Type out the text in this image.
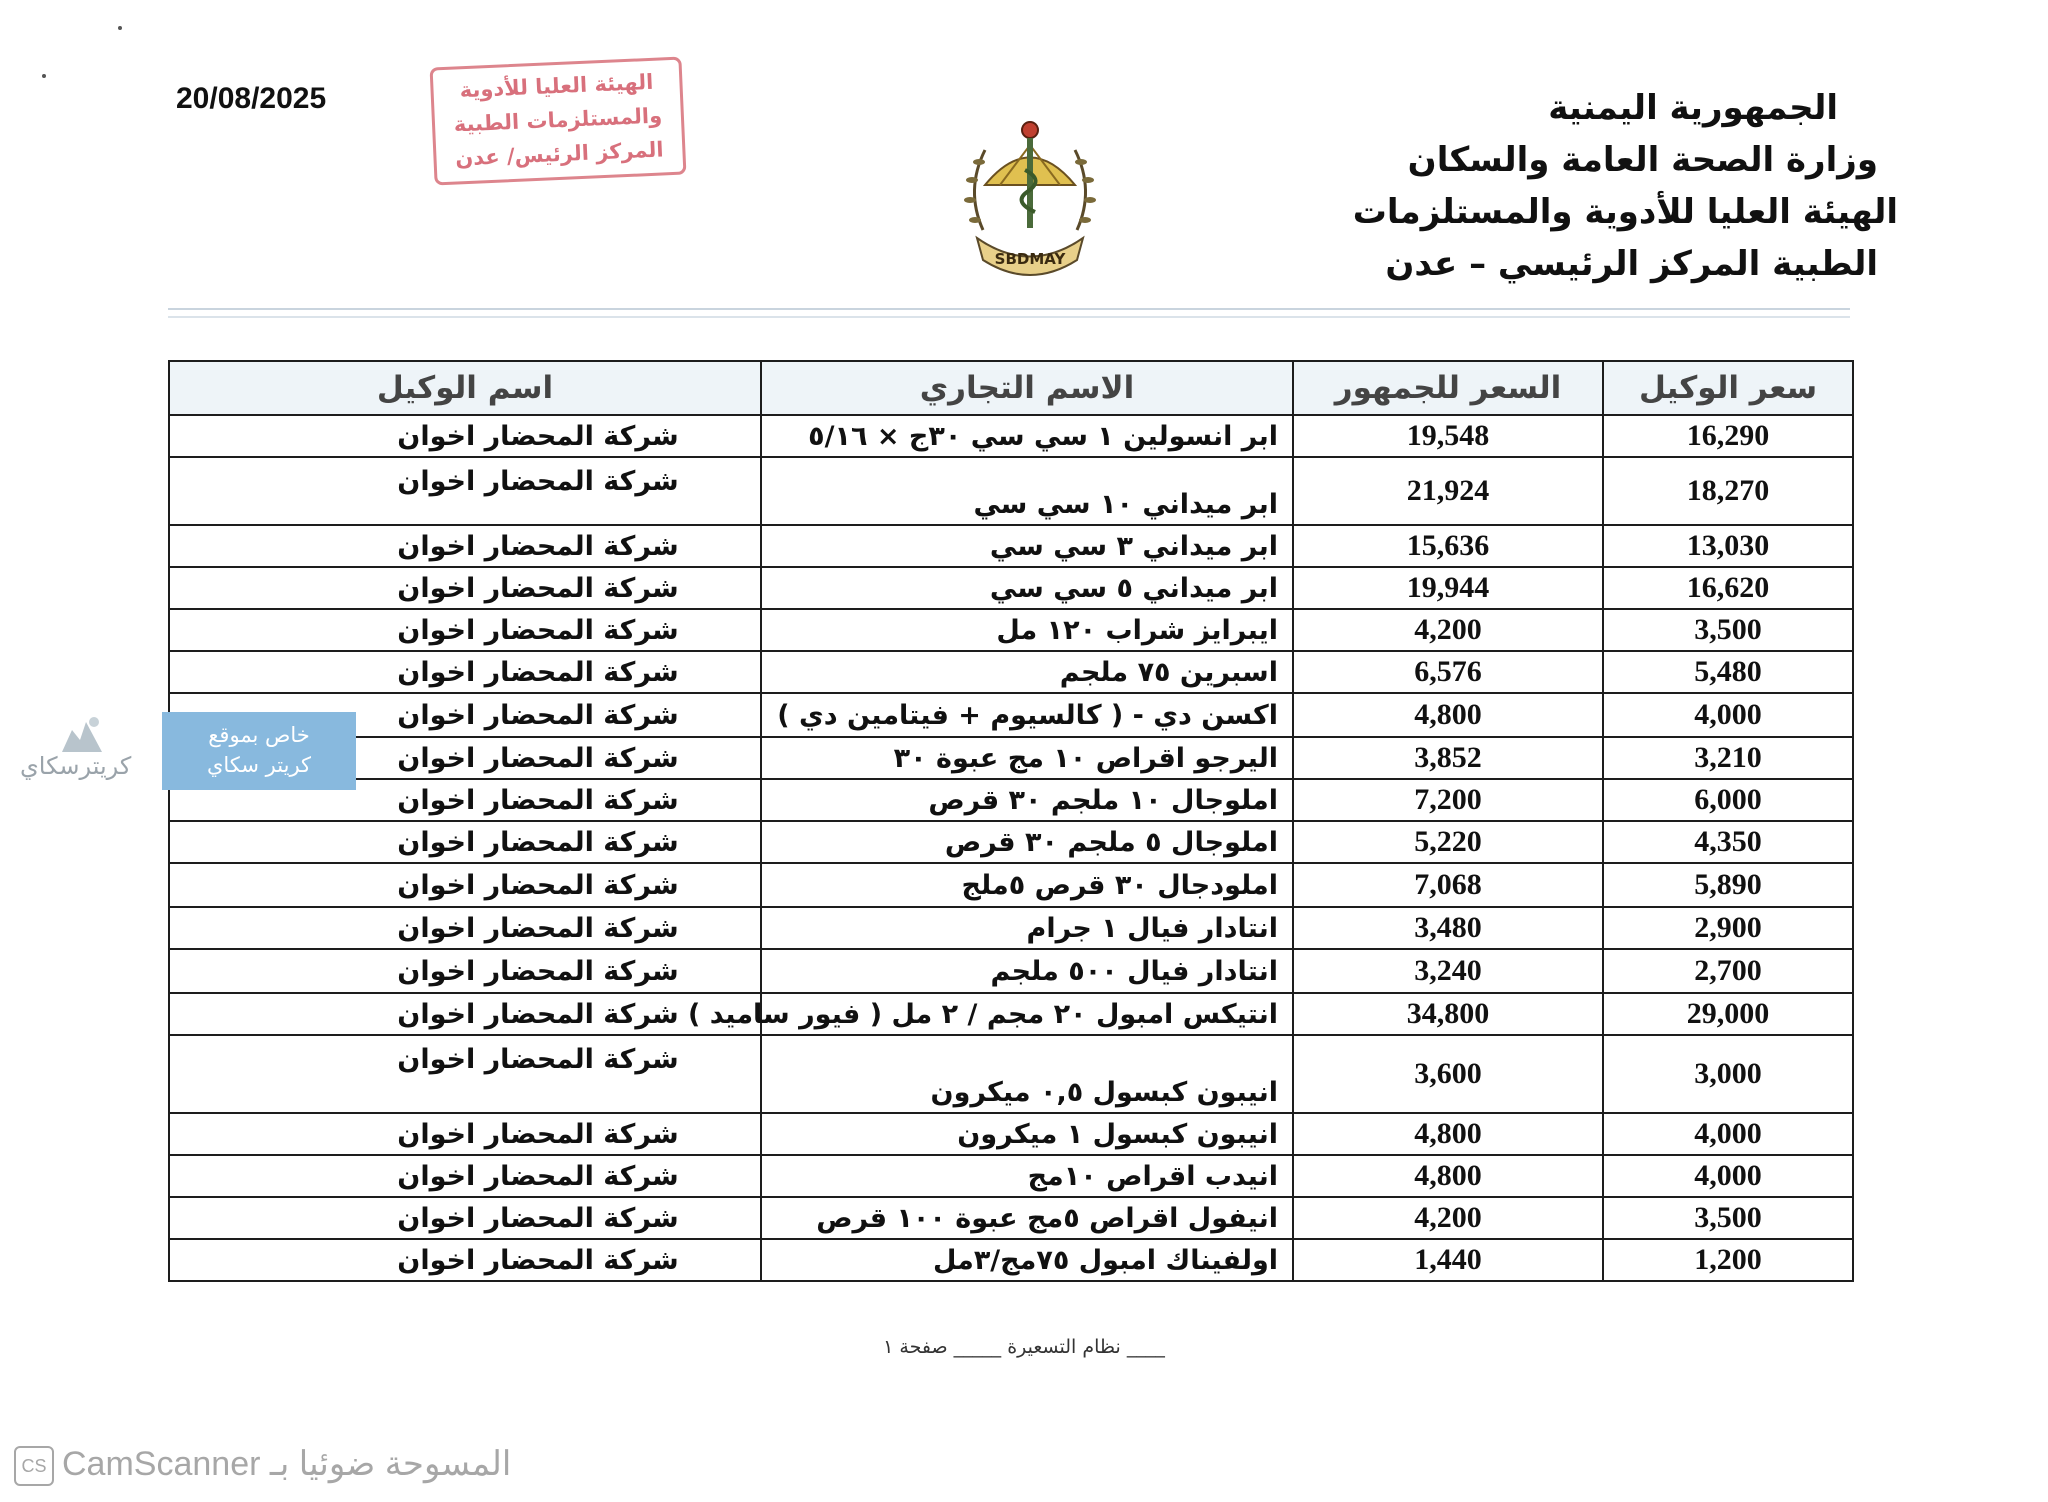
الجمهورية اليمنية
وزارة الصحة العامة والسكان
الهيئة العليا للأدوية والمستلزمات
الطبية المركز الرئيسي – عدن
20/08/2025	الهيئة العليا للأدوية
والمستلزمات الطبية
المركز الرئيس/ عدن
SBDMAY
سعر الوكيل	السعر للجمهور	الاسم التجاري	اسم الوكيل
16,290	19,548	ابر انسولين ١ سي سي ٣٠ج × ٥/١٦	شركة المحضار اخوان
18,270	21,924	ابر ميداني ١٠ سي سي	شركة المحضار اخوان
13,030	15,636	ابر ميداني ٣ سي سي	شركة المحضار اخوان
16,620	19,944	ابر ميداني ٥ سي سي	شركة المحضار اخوان
3,500	4,200	ايبرايز شراب ١٢٠ مل	شركة المحضار اخوان
5,480	6,576	اسبرين ٧٥ ملجم	شركة المحضار اخوان
4,000	4,800	اكسن دي - ( كالسيوم + فيتامين دي )	شركة المحضار اخوان
3,210	3,852	اليرجو اقراص ١٠ مج عبوة ٣٠	شركة المحضار اخوان
6,000	7,200	املوجال ١٠ ملجم ٣٠ قرص	شركة المحضار اخوان
4,350	5,220	املوجال ٥ ملجم ٣٠ قرص	شركة المحضار اخوان
5,890	7,068	املودجال ٣٠ قرص ٥ملج	شركة المحضار اخوان
2,900	3,480	انتادار فيال ١ جرام	شركة المحضار اخوان
2,700	3,240	انتادار فيال ٥٠٠ ملجم	شركة المحضار اخوان
29,000	34,800	انتيكس امبول ٢٠ مجم / ٢ مل ( فيور ساميد )	شركة المحضار اخوان
3,000	3,600	انيبون كبسول ٠,٥ ميكرون	شركة المحضار اخوان
4,000	4,800	انيبون كبسول ١ ميكرون	شركة المحضار اخوان
4,000	4,800	انيدب اقراص ١٠مج	شركة المحضار اخوان
3,500	4,200	انيفول اقراص ٥مج عبوة ١٠٠ قرص	شركة المحضار اخوان
1,200	1,440	اولفيناك امبول ٧٥مج/٣مل	شركة المحضار اخوان
كريترسكاي
خاص بموقع
كريتر سكاي
____ نظام التسعيرة _____ صفحة ١
CS المسوحة ضوئيا بـ CamScanner
